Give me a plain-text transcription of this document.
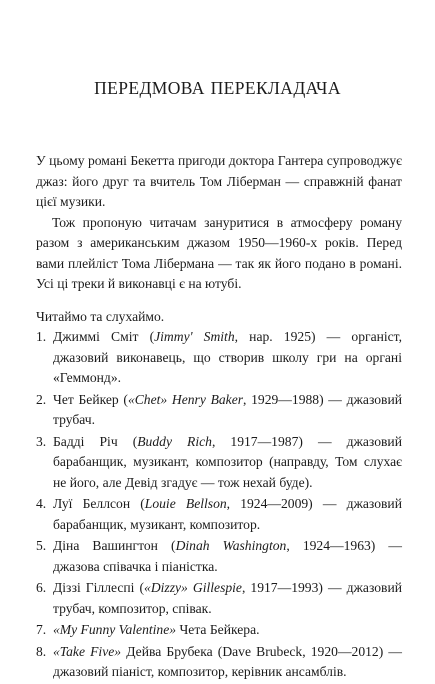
ПЕРЕДМОВА ПЕРЕКЛАДАЧА

У цьому романі Бекетта пригоди доктора Гантера супроводжує джаз: його друг та вчитель Том Ліберман — справжній фанат цієї музики.

Тож пропоную читачам зануритися в атмосферу роману разом з американським джазом 1950—1960-х років. Перед вами плейліст Тома Лібермана — так як його подано в романі. Усі ці треки й виконавці є на ютубі.

Читаймо та слухаймо.
1. Джиммі Сміт (Jimmy' Smith, нар. 1925) — органіст, джазовий виконавець, що створив школу гри на органі «Геммонд».
2. Чет Бейкер («Chet» Henry Baker, 1929—1988) — джазовий трубач.
3. Бадді Річ (Buddy Rich, 1917—1987) — джазовий барабанщик, музикант, композитор (направду, Том слухає не його, але Девід згадує — тож нехай буде).
4. Луї Беллсон (Louie Bellson, 1924—2009) — джазовий барабанщик, музикант, композитор.
5. Діна Вашингтон (Dinah Washington, 1924—1963) — джазова співачка і піаністка.
6. Діззі Гіллеспі («Dizzy» Gillespie, 1917—1993) — джазовий трубач, композитор, співак.
7. «My Funny Valentine» Чета Бейкера.
8. «Take Five» Дейва Брубека (Dave Brubeck, 1920—2012) — джазовий піаніст, композитор, керівник ансамблів.
